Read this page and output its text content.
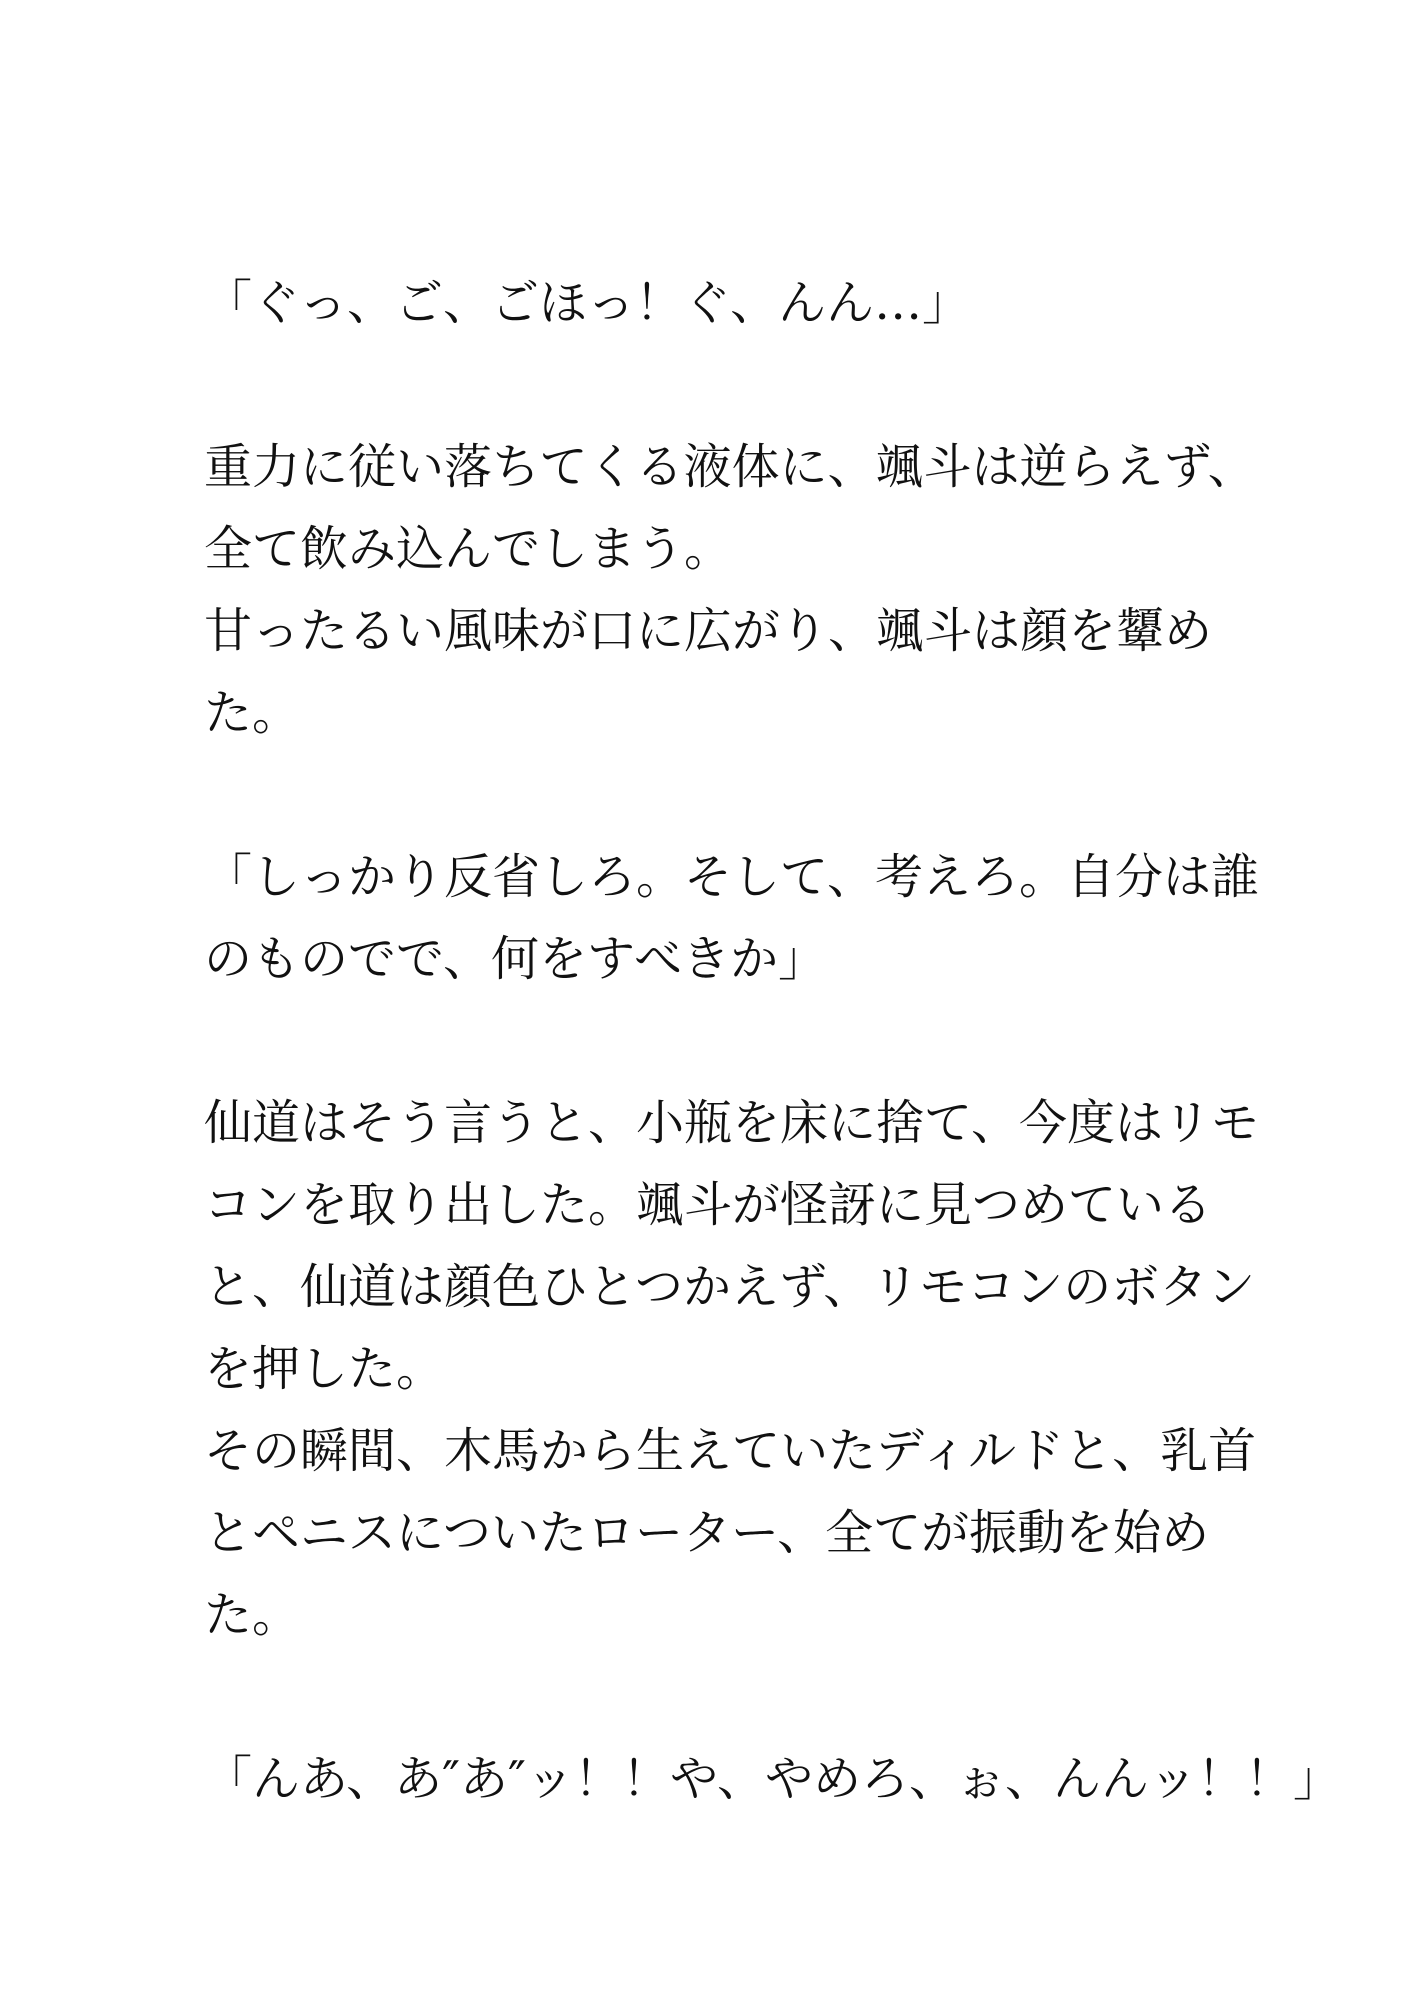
「ぐっ、ご、ごほっ！ぐ、んん…」
重力に従い落ちてくる液体に、颯斗は逆らえず、
全て飲み込んでしまう。
甘ったるい風味が口に広がり、颯斗は顔を顰め
た。
「しっかり反省しろ。そして、考えろ。自分は誰
のものでで、何をすべきか」
仙道はそう言うと、小瓶を床に捨て、今度はリモ
コンを取り出した。颯斗が怪訝に見つめている
と、仙道は顔色ひとつかえず、リモコンのボタン
を押した。
その瞬間、木馬から生えていたディルドと、乳首
とペニスについたローター、全てが振動を始め
た。
「んあ、あ″あ″ッ！！や、やめろ、ぉ、んんッ！！」
